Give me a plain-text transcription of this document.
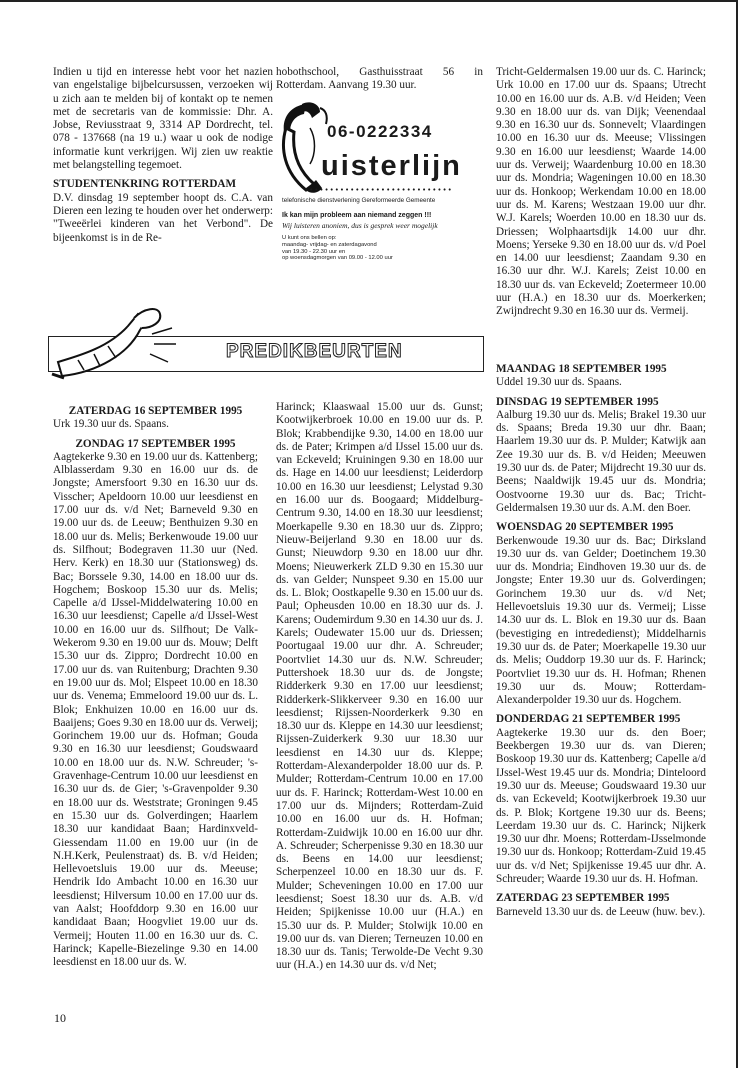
Indien u tijd en interesse hebt voor het nazien van engelstalige bijbelcursussen, verzoeken wij u zich aan te melden bij of kontakt op te nemen met de secretaris van de kommissie: Dhr. A. Jobse, Reviusstraat 9, 3314 AP Dordrecht, tel. 078 - 137668 (na 19 u.) waar u ook de nodige informatie kunt verkrijgen. Wij zien uw reaktie met belangstelling tegemoet.

STUDENTENKRING ROTTERDAM

D.V. dinsdag 19 september hoopt ds. C.A. van Dieren een lezing te houden over het onderwerp: "Tweeërlei kinderen van het Verbond". De bijeenkomst is in de Re-

hobothschool, Gasthuisstraat 56 in Rotterdam. Aanvang 19.30 uur.

06-0222334
uisterlijn
•••••••••••••••••••••••••••••
telefonische dienstverlening Gereformeerde Gemeente
Ik kan mijn probleem aan niemand zeggen !!!
Wij luisteren anoniem, dus is gesprek weer mogelijk
U kunt ons bellen op:
maandag- vrijdag- en zaterdagavond
van 19.30 - 22.30 uur en
op woensdagmorgen van 09.00 - 12.00 uur
PREDIKBEURTEN

Tricht-Geldermalsen 19.00 uur ds. C. Harinck; Urk 10.00 en 17.00 uur ds. Spaans; Utrecht 10.00 en 16.00 uur ds. A.B. v/d Heiden; Veen 9.30 en 18.00 uur ds. van Dijk; Veenendaal 9.30 en 16.30 uur ds. Sonnevelt; Vlaardingen 10.00 en 16.30 uur ds. Meeuse; Vlissingen 9.30 en 16.00 uur leesdienst; Waarde 14.00 uur ds. Verweij; Waardenburg 10.00 en 18.30 uur ds. Mondria; Wageningen 10.00 en 18.30 uur ds. Honkoop; Werkendam 10.00 en 18.00 uur ds. M. Karens; Westzaan 19.00 uur dhr. W.J. Karels; Woerden 10.00 en 18.30 uur ds. Driessen; Wolphaartsdijk 14.00 uur dhr. Moens; Yerseke 9.30 en 18.00 uur ds. v/d Poel en 14.00 uur leesdienst; Zaandam 9.30 en 16.30 uur dhr. W.J. Karels; Zeist 10.00 en 18.30 uur ds. van Eckeveld; Zoetermeer 10.00 uur (H.A.) en 18.30 uur ds. Moerkerken; Zwijndrecht 9.30 en 16.30 uur ds. Vermeij.

ZATERDAG 16 SEPTEMBER 1995

Urk 19.30 uur ds. Spaans.

ZONDAG 17 SEPTEMBER 1995

Aagtekerke 9.30 en 19.00 uur ds. Kattenberg; Alblasserdam 9.30 en 16.00 uur ds. de Jongste; Amersfoort 9.30 en 16.30 uur ds. Visscher; Apeldoorn 10.00 uur leesdienst en 17.00 uur ds. v/d Net; Barneveld 9.30 en 19.00 uur ds. de Leeuw; Benthuizen 9.30 en 18.00 uur ds. Melis; Berkenwoude 19.00 uur ds. Silfhout; Bodegraven 11.30 uur (Ned. Herv. Kerk) en 18.30 uur (Stationsweg) ds. Bac; Borssele 9.30, 14.00 en 18.00 uur ds. Hogchem; Boskoop 15.30 uur ds. Melis; Capelle a/d IJssel-Middelwatering 10.00 en 16.30 uur leesdienst; Capelle a/d IJssel-West 10.00 en 16.00 uur ds. Silfhout; De Valk-Wekerom 9.30 en 19.00 uur ds. Mouw; Delft 15.30 uur ds. Zippro; Dordrecht 10.00 en 17.00 uur ds. van Ruitenburg; Drachten 9.30 en 19.00 uur ds. Mol; Elspeet 10.00 en 18.30 uur ds. Venema; Emmeloord 19.00 uur ds. L. Blok; Enkhuizen 10.00 en 16.00 uur ds. Baaijens; Goes 9.30 en 18.00 uur ds. Verweij; Gorinchem 19.00 uur ds. Hofman; Gouda 9.30 en 16.30 uur leesdienst; Goudswaard 10.00 en 18.00 uur ds. N.W. Schreuder; 's-Gravenhage-Centrum 10.00 uur leesdienst en 16.30 uur ds. de Gier; 's-Gravenpolder 9.30 en 18.00 uur ds. Weststrate; Groningen 9.45 en 15.30 uur ds. Golverdingen; Haarlem 18.30 uur kandidaat Baan; Hardinxveld-Giessendam 11.00 en 19.00 uur (in de N.H.Kerk, Peulenstraat) ds. B. v/d Heiden; Hellevoetsluis 19.00 uur ds. Meeuse; Hendrik Ido Ambacht 10.00 en 16.30 uur leesdienst; Hilversum 10.00 en 17.00 uur ds. van Aalst; Hoofddorp 9.30 en 16.00 uur kandidaat Baan; Hoogvliet 19.00 uur ds. Vermeij; Houten 11.00 en 16.30 uur ds. C. Harinck; Kapelle-Biezelinge 9.30 en 14.00 leesdienst en 18.00 uur ds. W.

Harinck; Klaaswaal 15.00 uur ds. Gunst; Kootwijkerbroek 10.00 en 19.00 uur ds. P. Blok; Krabbendijke 9.30, 14.00 en 18.00 uur ds. de Pater; Krimpen a/d IJssel 15.00 uur ds. van Eckeveld; Kruiningen 9.30 en 18.00 uur ds. Hage en 14.00 uur leesdienst; Leiderdorp 10.00 en 16.30 uur leesdienst; Lelystad 9.30 en 16.00 uur ds. Boogaard; Middelburg-Centrum 9.30, 14.00 en 18.30 uur leesdienst; Moerkapelle 9.30 en 18.30 uur ds. Zippro; Nieuw-Beijerland 9.30 en 18.00 uur ds. Gunst; Nieuwdorp 9.30 en 18.00 uur dhr. Moens; Nieuwerkerk ZLD 9.30 en 15.30 uur ds. van Gelder; Nunspeet 9.30 en 15.00 uur ds. L. Blok; Oostkapelle 9.30 en 15.00 uur ds. Paul; Opheusden 10.00 en 18.30 uur ds. J. Karens; Oudemirdum 9.30 en 14.30 uur ds. J. Karels; Oudewater 15.00 uur ds. Driessen; Poortugaal 19.00 uur dhr. A. Schreuder; Poortvliet 14.30 uur ds. N.W. Schreuder; Puttershoek 18.30 uur ds. de Jongste; Ridderkerk 9.30 en 17.00 uur leesdienst; Ridderkerk-Slikkerveer 9.30 en 16.00 uur leesdienst; Rijssen-Noorderkerk 9.30 en 18.30 uur ds. Kleppe en 14.30 uur leesdienst; Rijssen-Zuiderkerk 9.30 uur 18.30 uur leesdienst en 14.30 uur ds. Kleppe; Rotterdam-Alexanderpolder 18.00 uur ds. P. Mulder; Rotterdam-Centrum 10.00 en 17.00 uur ds. F. Harinck; Rotterdam-West 10.00 en 17.00 uur ds. Mijnders; Rotterdam-Zuid 10.00 en 16.00 uur ds. H. Hofman; Rotterdam-Zuidwijk 10.00 en 16.00 uur dhr. A. Schreuder; Scherpenisse 9.30 en 18.30 uur ds. Beens en 14.00 uur leesdienst; Scherpenzeel 10.00 en 18.30 uur ds. F. Mulder; Scheveningen 10.00 en 17.00 uur leesdienst; Soest 18.30 uur ds. A.B. v/d Heiden; Spijkenisse 10.00 uur (H.A.) en 15.30 uur ds. P. Mulder; Stolwijk 10.00 en 19.00 uur ds. van Dieren; Terneuzen 10.00 en 18.30 uur ds. Tanis; Terwolde-De Vecht 9.30 uur (H.A.) en 14.30 uur ds. v/d Net;

MAANDAG 18 SEPTEMBER 1995

Uddel 19.30 uur ds. Spaans.

DINSDAG 19 SEPTEMBER 1995

Aalburg 19.30 uur ds. Melis; Brakel 19.30 uur ds. Spaans; Breda 19.30 uur dhr. Baan; Haarlem 19.30 uur ds. P. Mulder; Katwijk aan Zee 19.30 uur ds. B. v/d Heiden; Meeuwen 19.30 uur ds. de Pater; Mijdrecht 19.30 uur ds. Beens; Naaldwijk 19.45 uur ds. Mondria; Oostvoorne 19.30 uur ds. Bac; Tricht-Geldermalsen 19.30 uur ds. A.M. den Boer.

WOENSDAG 20 SEPTEMBER 1995

Berkenwoude 19.30 uur ds. Bac; Dirksland 19.30 uur ds. van Gelder; Doetinchem 19.30 uur ds. Mondria; Eindhoven 19.30 uur ds. de Jongste; Enter 19.30 uur ds. Golverdingen; Gorinchem 19.30 uur ds. v/d Net; Hellevoetsluis 19.30 uur ds. Vermeij; Lisse 14.30 uur ds. L. Blok en 19.30 uur ds. Baan (bevestiging en intrededienst); Middelharnis 19.30 uur ds. de Pater; Moerkapelle 19.30 uur ds. Melis; Ouddorp 19.30 uur ds. F. Harinck; Poortvliet 19.30 uur ds. H. Hofman; Rhenen 19.30 uur ds. Mouw; Rotterdam-Alexanderpolder 19.30 uur ds. Hogchem.

DONDERDAG 21 SEPTEMBER 1995

Aagtekerke 19.30 uur ds. den Boer; Beekbergen 19.30 uur ds. van Dieren; Boskoop 19.30 uur ds. Kattenberg; Capelle a/d IJssel-West 19.45 uur ds. Mondria; Dinteloord 19.30 uur ds. Meeuse; Goudswaard 19.30 uur ds. van Eckeveld; Kootwijkerbroek 19.30 uur ds. P. Blok; Kortgene 19.30 uur ds. Beens; Leerdam 19.30 uur ds. C. Harinck; Nijkerk 19.30 uur dhr. Moens; Rotterdam-IJsselmonde 19.30 uur ds. Honkoop; Rotterdam-Zuid 19.45 uur ds. v/d Net; Spijkenisse 19.45 uur dhr. A. Schreuder; Waarde 19.30 uur ds. H. Hofman.

ZATERDAG 23 SEPTEMBER 1995

Barneveld 13.30 uur ds. de Leeuw (huw. bev.).

10
